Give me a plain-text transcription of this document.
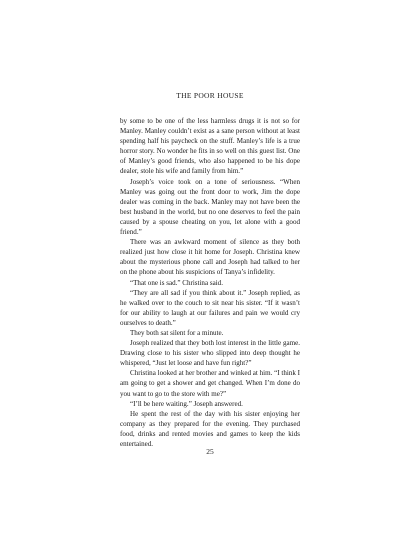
THE POOR HOUSE

by some to be one of the less harmless drugs it is not so for Manley. Manley couldn’t exist as a sane person without at least spending half his paycheck on the stuff. Manley’s life is a true horror story. No wonder he fits in so well on this guest list. One of Manley’s good friends, who also happened to be his dope dealer, stole his wife and family from him.”

Joseph’s voice took on a tone of seriousness. “When Manley was going out the front door to work, Jim the dope dealer was coming in the back. Manley may not have been the best husband in the world, but no one deserves to feel the pain caused by a spouse cheating on you, let alone with a good friend.”

There was an awkward moment of silence as they both realized just how close it hit home for Joseph. Christina knew about the mysterious phone call and Joseph had talked to her on the phone about his suspicions of Tanya’s infidelity.

“That one is sad.” Christina said.

“They are all sad if you think about it.” Joseph replied, as he walked over to the couch to sit near his sister. “If it wasn’t for our ability to laugh at our failures and pain we would cry ourselves to death.”

They both sat silent for a minute.

Joseph realized that they both lost interest in the little game. Drawing close to his sister who slipped into deep thought he whispered, “Just let loose and have fun right?”

Christina looked at her brother and winked at him. “I think I am going to get a shower and get changed. When I’m done do you want to go to the store with me?”

“I’ll be here waiting.” Joseph answered.

He spent the rest of the day with his sister enjoying her company as they prepared for the evening. They purchased food, drinks and rented movies and games to keep the kids entertained.

25
